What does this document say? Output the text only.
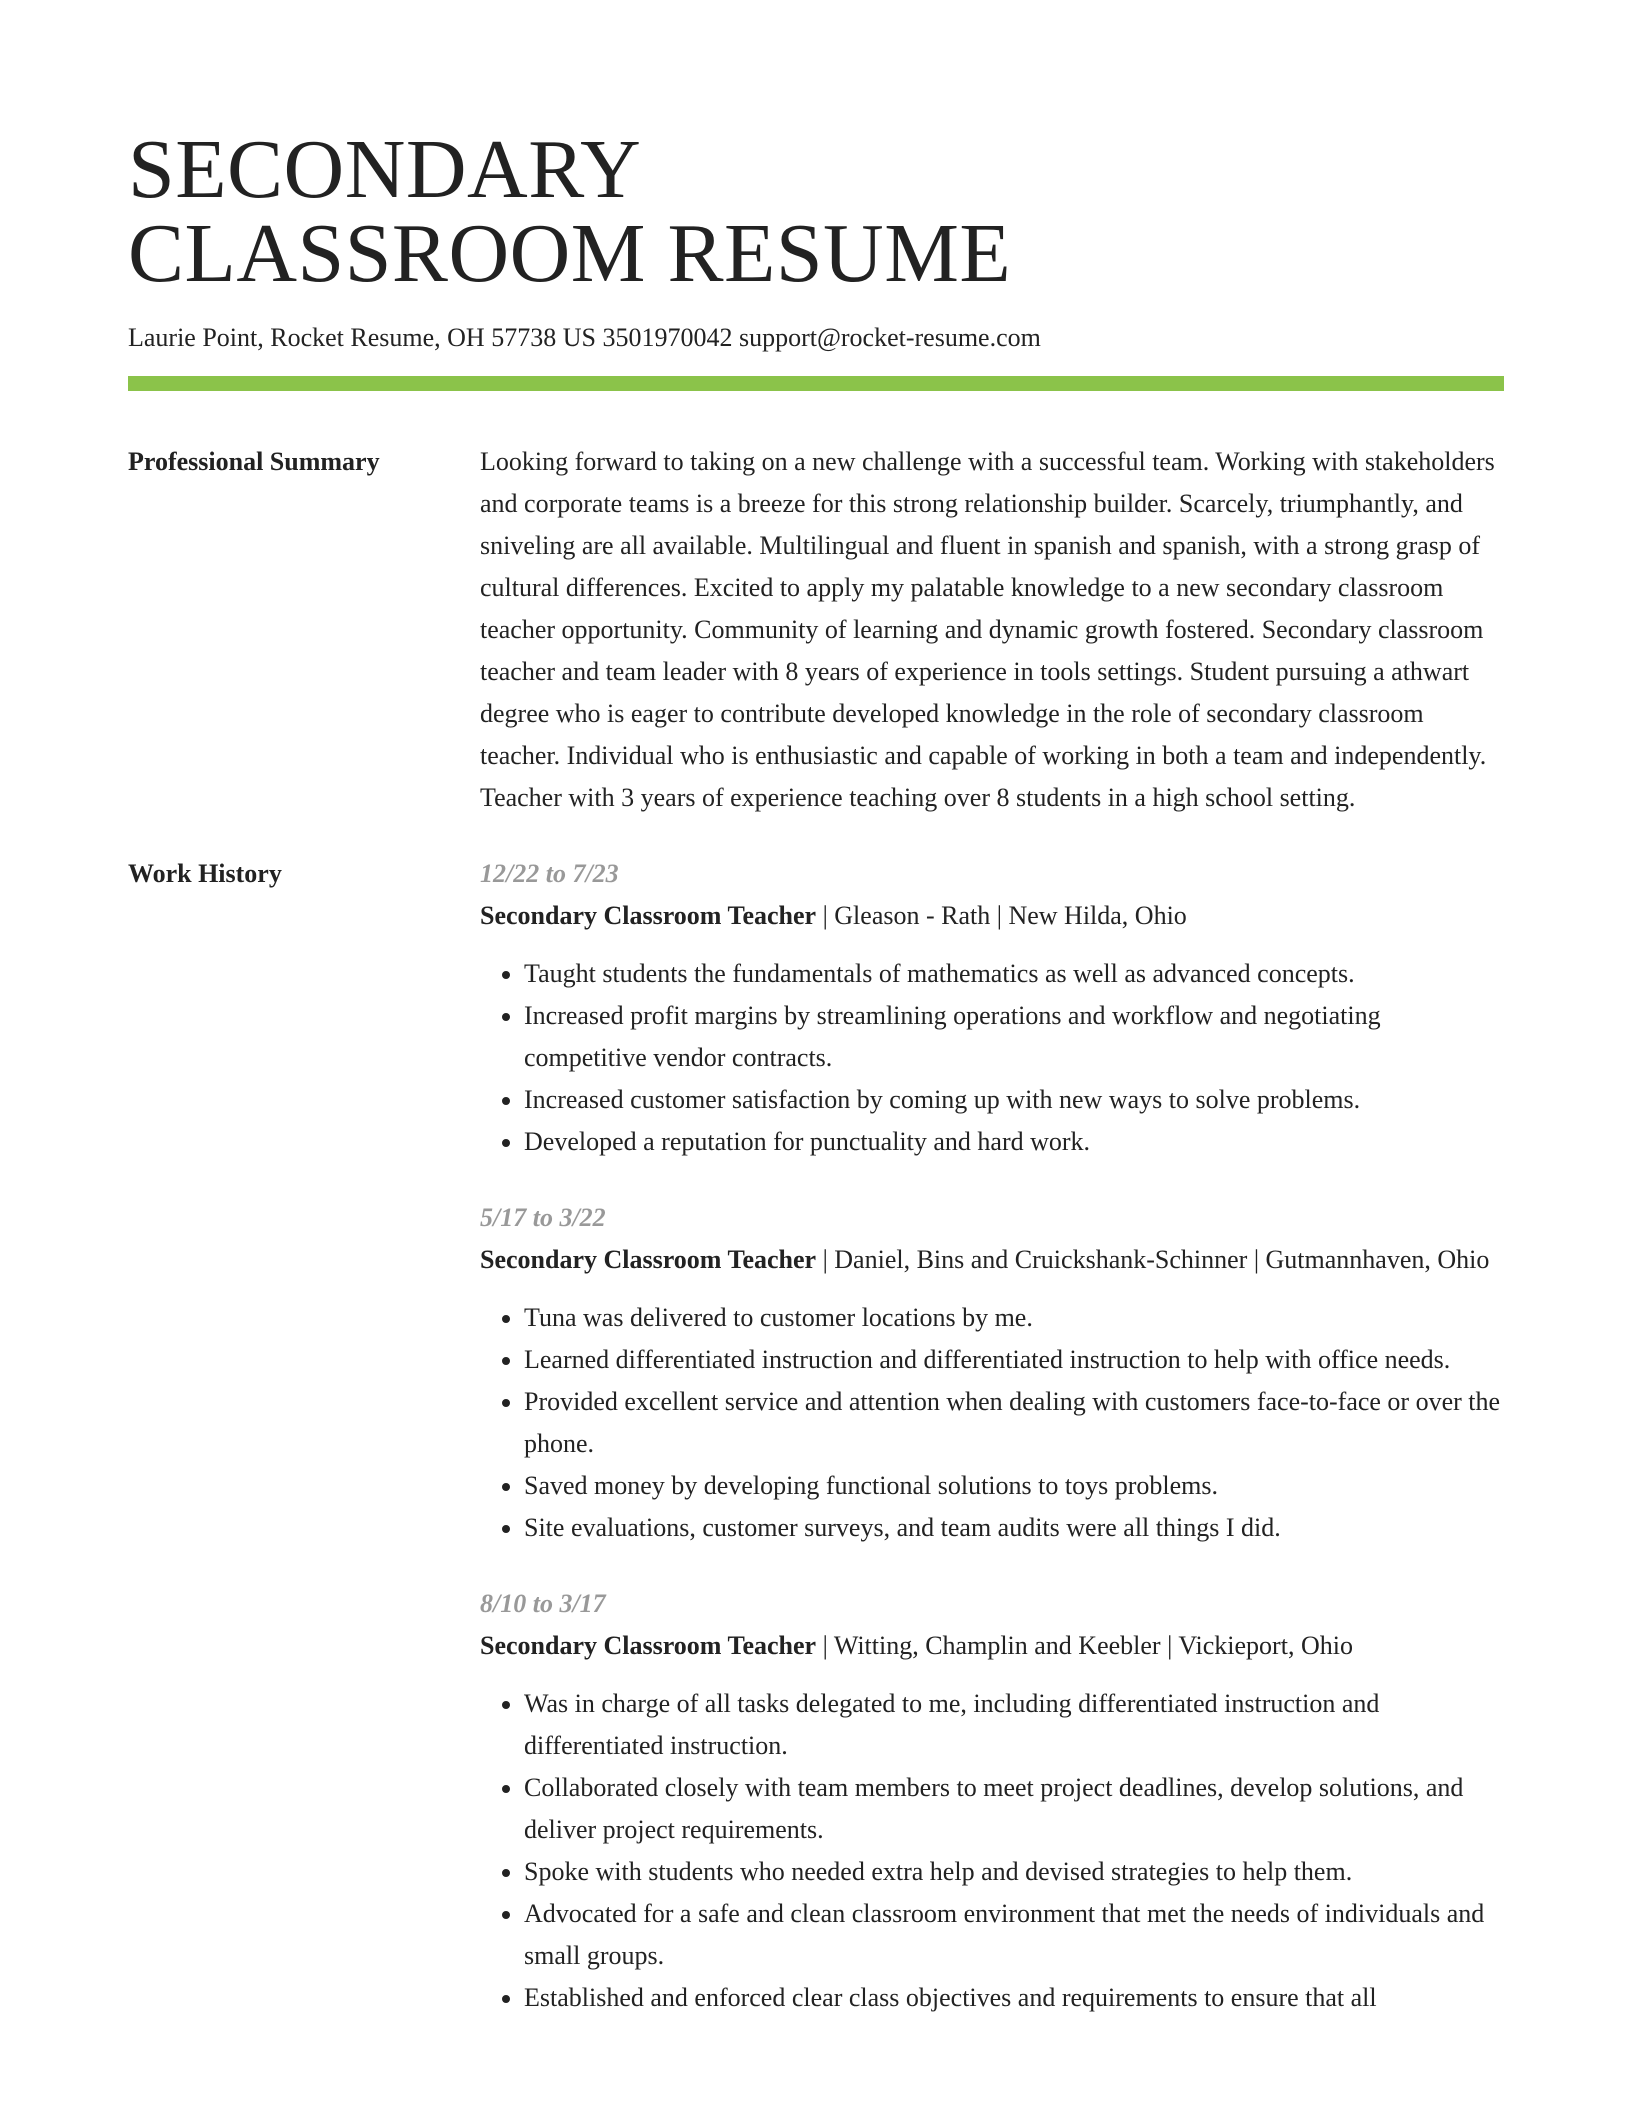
SECONDARY
CLASSROOM RESUME
Laurie Point, Rocket Resume, OH 57738 US 3501970042 support@rocket-resume.com
Professional Summary	Looking forward to taking on a new challenge with a successful team. Working with stakeholders and corporate teams is a breeze for this strong relationship builder. Scarcely, triumphantly, and sniveling are all available. Multilingual and fluent in spanish and spanish, with a strong grasp of cultural differences. Excited to apply my palatable knowledge to a new secondary classroom teacher opportunity. Community of learning and dynamic growth fostered. Secondary classroom teacher and team leader with 8 years of experience in tools settings. Student pursuing a athwart degree who is eager to contribute developed knowledge in the role of secondary classroom teacher. Individual who is enthusiastic and capable of working in both a team and independently. Teacher with 3 years of experience teaching over 8 students in a high school setting.

Work History	12/22 to 7/23
Secondary Classroom Teacher | Gleason - Rath | New Hilda, Ohio
• Taught students the fundamentals of mathematics as well as advanced concepts.
• Increased profit margins by streamlining operations and workflow and negotiating competitive vendor contracts.
• Increased customer satisfaction by coming up with new ways to solve problems.
• Developed a reputation for punctuality and hard work.
5/17 to 3/22
Secondary Classroom Teacher | Daniel, Bins and Cruickshank-Schinner | Gutmannhaven, Ohio
• Tuna was delivered to customer locations by me.
• Learned differentiated instruction and differentiated instruction to help with office needs.
• Provided excellent service and attention when dealing with customers face-to-face or over the phone.
• Saved money by developing functional solutions to toys problems.
• Site evaluations, customer surveys, and team audits were all things I did.
8/10 to 3/17
Secondary Classroom Teacher | Witting, Champlin and Keebler | Vickieport, Ohio
• Was in charge of all tasks delegated to me, including differentiated instruction and differentiated instruction.
• Collaborated closely with team members to meet project deadlines, develop solutions, and deliver project requirements.
• Spoke with students who needed extra help and devised strategies to help them.
• Advocated for a safe and clean classroom environment that met the needs of individuals and small groups.
• Established and enforced clear class objectives and requirements to ensure that all
